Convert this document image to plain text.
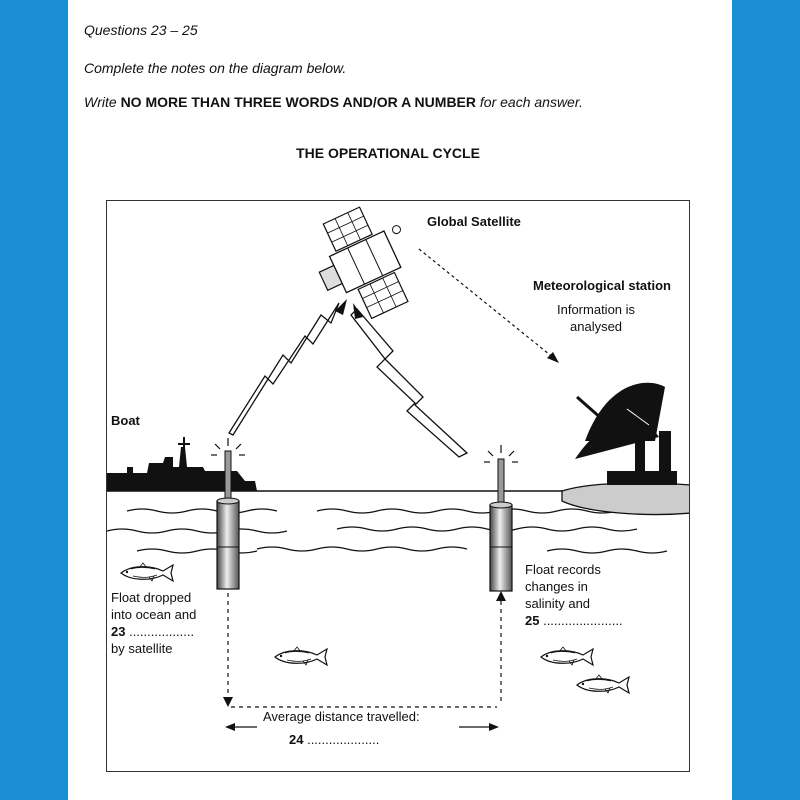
Questions 23 – 25
Complete the notes on the diagram below.
Write NO MORE THAN THREE WORDS AND/OR A NUMBER for each answer.
THE OPERATIONAL CYCLE
Global Satellite
Meteorological station
Information is
analysed
Boat
Float dropped
into ocean and
23 ..................
by satellite
Float records
changes in
salinity and
25 ......................
Average distance travelled:
24 ....................
